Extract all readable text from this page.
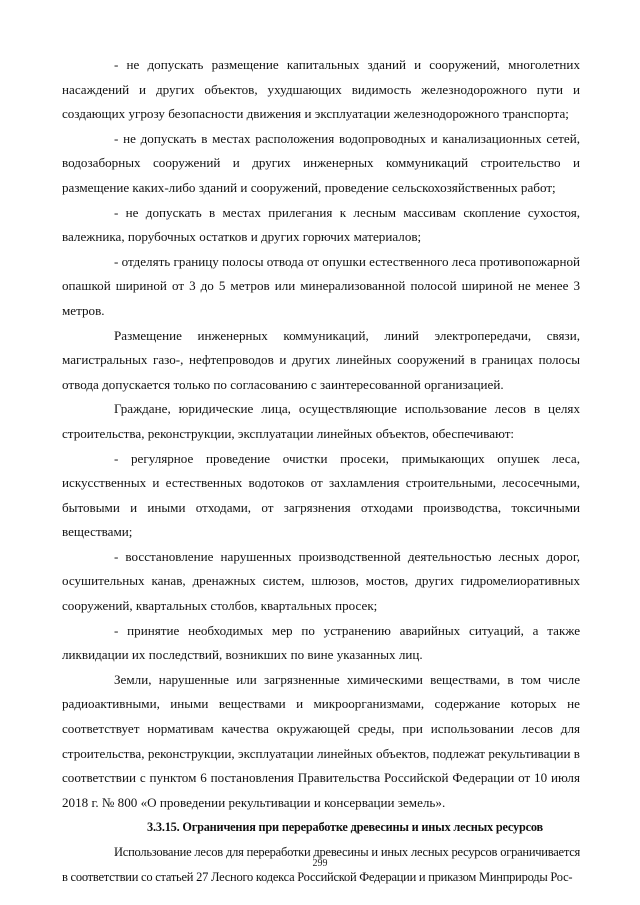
- не допускать размещение капитальных зданий и сооружений, многолетних насаждений и других объектов, ухудшающих видимость железнодорожного пути и создающих угрозу безопасности движения и эксплуатации железнодорожного транспорта;

- не допускать в местах расположения водопроводных и канализационных сетей, водозаборных сооружений и других инженерных коммуникаций строительство и размещение каких-либо зданий и сооружений, проведение сельскохозяйственных работ;

- не допускать в местах прилегания к лесным массивам скопление сухостоя, валежника, порубочных остатков и других горючих материалов;

- отделять границу полосы отвода от опушки естественного леса противопожарной опашкой шириной от 3 до 5 метров или минерализованной полосой шириной не менее 3 метров.

Размещение инженерных коммуникаций, линий электропередачи, связи, магистральных газо-, нефтепроводов и других линейных сооружений в границах полосы отвода допускается только по согласованию с заинтересованной организацией.

Граждане, юридические лица, осуществляющие использование лесов в целях строительства, реконструкции, эксплуатации линейных объектов, обеспечивают:

- регулярное проведение очистки просеки, примыкающих опушек леса, искусственных и естественных водотоков от захламления строительными, лесосечными, бытовыми и иными отходами, от загрязнения отходами производства, токсичными веществами;

- восстановление нарушенных производственной деятельностью лесных дорог, осушительных канав, дренажных систем, шлюзов, мостов, других гидромелиоративных сооружений, квартальных столбов, квартальных просек;

- принятие необходимых мер по устранению аварийных ситуаций, а также ликвидации их последствий, возникших по вине указанных лиц.

Земли, нарушенные или загрязненные химическими веществами, в том числе радиоактивными, иными веществами и микроорганизмами, содержание которых не соответствует нормативам качества окружающей среды, при использовании лесов для строительства, реконструкции, эксплуатации линейных объектов, подлежат рекультивации в соответствии с пунктом 6 постановления Правительства Российской Федерации от 10 июля 2018 г. № 800 «О проведении рекультивации и консервации земель».

3.3.15. Ограничения при переработке древесины и иных лесных ресурсов

Использование лесов для переработки древесины и иных лесных ресурсов ограничивается в соответствии со статьей 27 Лесного кодекса Российской Федерации и приказом Минприроды Рос-

299
